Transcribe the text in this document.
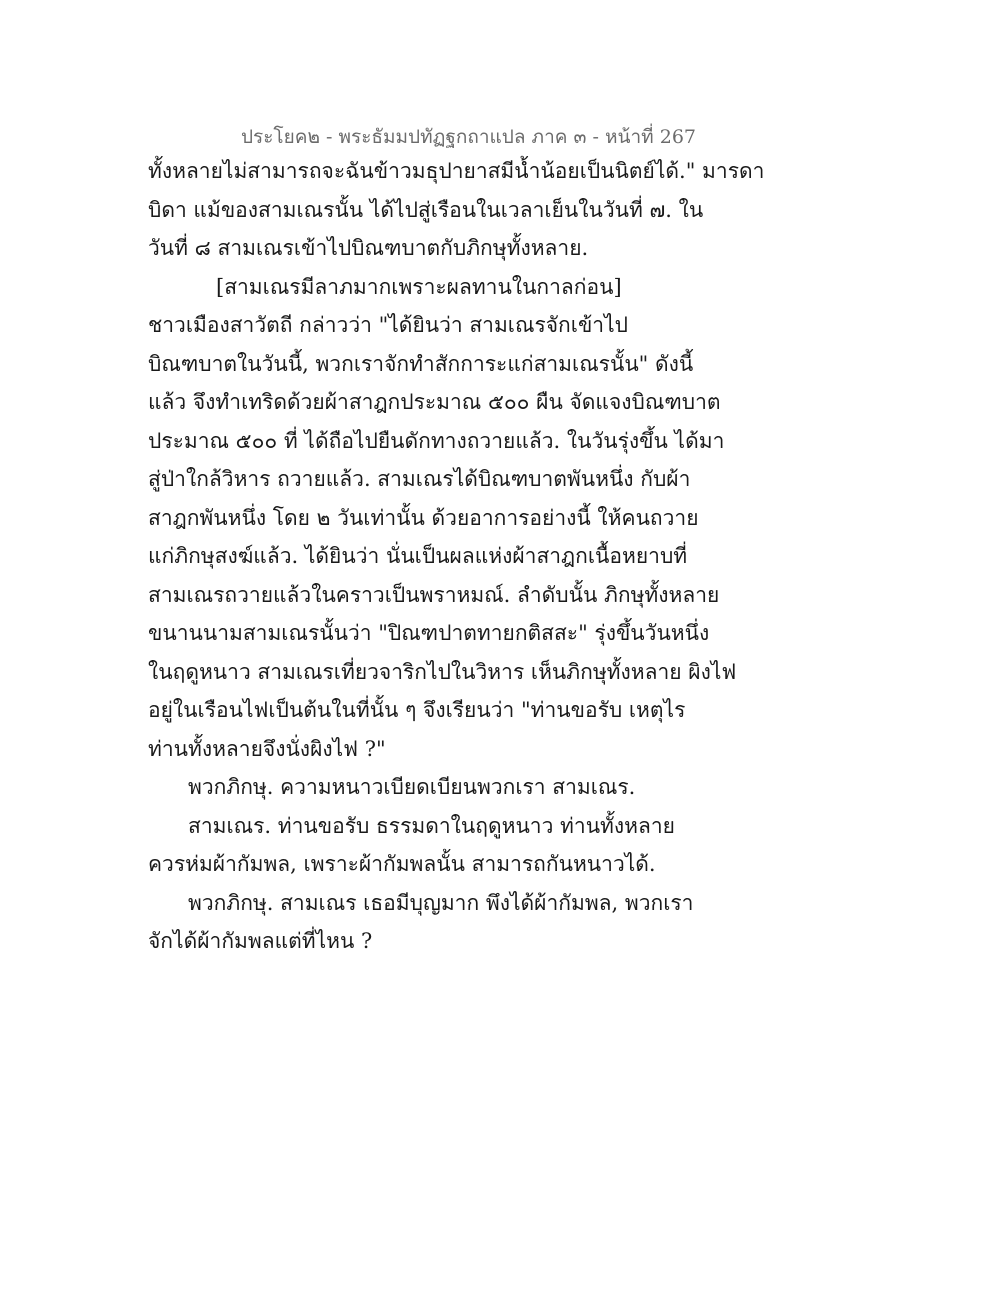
ประโยค๒ - พระธัมมปทัฏฐกถาแปล ภาค ๓ - หน้าที่ 267
ทั้งหลายไม่สามารถจะฉันข้าวมธุปายาสมีน้ำน้อยเป็นนิตย์ได้." มารดา
บิดา แม้ของสามเณรนั้น ได้ไปสู่เรือนในเวลาเย็นในวันที่ ๗. ใน
วันที่ ๘ สามเณรเข้าไปบิณฑบาตกับภิกษุทั้งหลาย.
[สามเณรมีลาภมากเพราะผลทานในกาลก่อน]
ชาวเมืองสาวัตถี กล่าวว่า "ได้ยินว่า สามเณรจักเข้าไป
บิณฑบาตในวันนี้, พวกเราจักทำสักการะแก่สามเณรนั้น" ดังนี้
แล้ว จึงทำเทริดด้วยผ้าสาฎกประมาณ ๕๐๐ ผืน จัดแจงบิณฑบาต
ประมาณ ๕๐๐ ที่ ได้ถือไปยืนดักทางถวายแล้ว. ในวันรุ่งขึ้น ได้มา
สู่ป่าใกล้วิหาร ถวายแล้ว. สามเณรได้บิณฑบาตพันหนึ่ง กับผ้า
สาฎกพันหนึ่ง โดย ๒ วันเท่านั้น ด้วยอาการอย่างนี้ ให้คนถวาย
แก่ภิกษุสงฆ์แล้ว. ได้ยินว่า นั่นเป็นผลแห่งผ้าสาฎกเนื้อหยาบที่
สามเณรถวายแล้วในคราวเป็นพราหมณ์. ลำดับนั้น ภิกษุทั้งหลาย
ขนานนามสามเณรนั้นว่า "ปิณฑปาตทายกติสสะ" รุ่งขึ้นวันหนึ่ง
ในฤดูหนาว สามเณรเที่ยวจาริกไปในวิหาร เห็นภิกษุทั้งหลาย ผิงไฟ
อยู่ในเรือนไฟเป็นต้นในที่นั้น ๆ จึงเรียนว่า "ท่านขอรับ เหตุไร
ท่านทั้งหลายจึงนั่งผิงไฟ ?"
พวกภิกษุ. ความหนาวเบียดเบียนพวกเรา สามเณร.
สามเณร. ท่านขอรับ ธรรมดาในฤดูหนาว ท่านทั้งหลาย
ควรห่มผ้ากัมพล, เพราะผ้ากัมพลนั้น สามารถกันหนาวได้.
พวกภิกษุ. สามเณร เธอมีบุญมาก พึงได้ผ้ากัมพล, พวกเรา
จักได้ผ้ากัมพลแต่ที่ไหน ?
